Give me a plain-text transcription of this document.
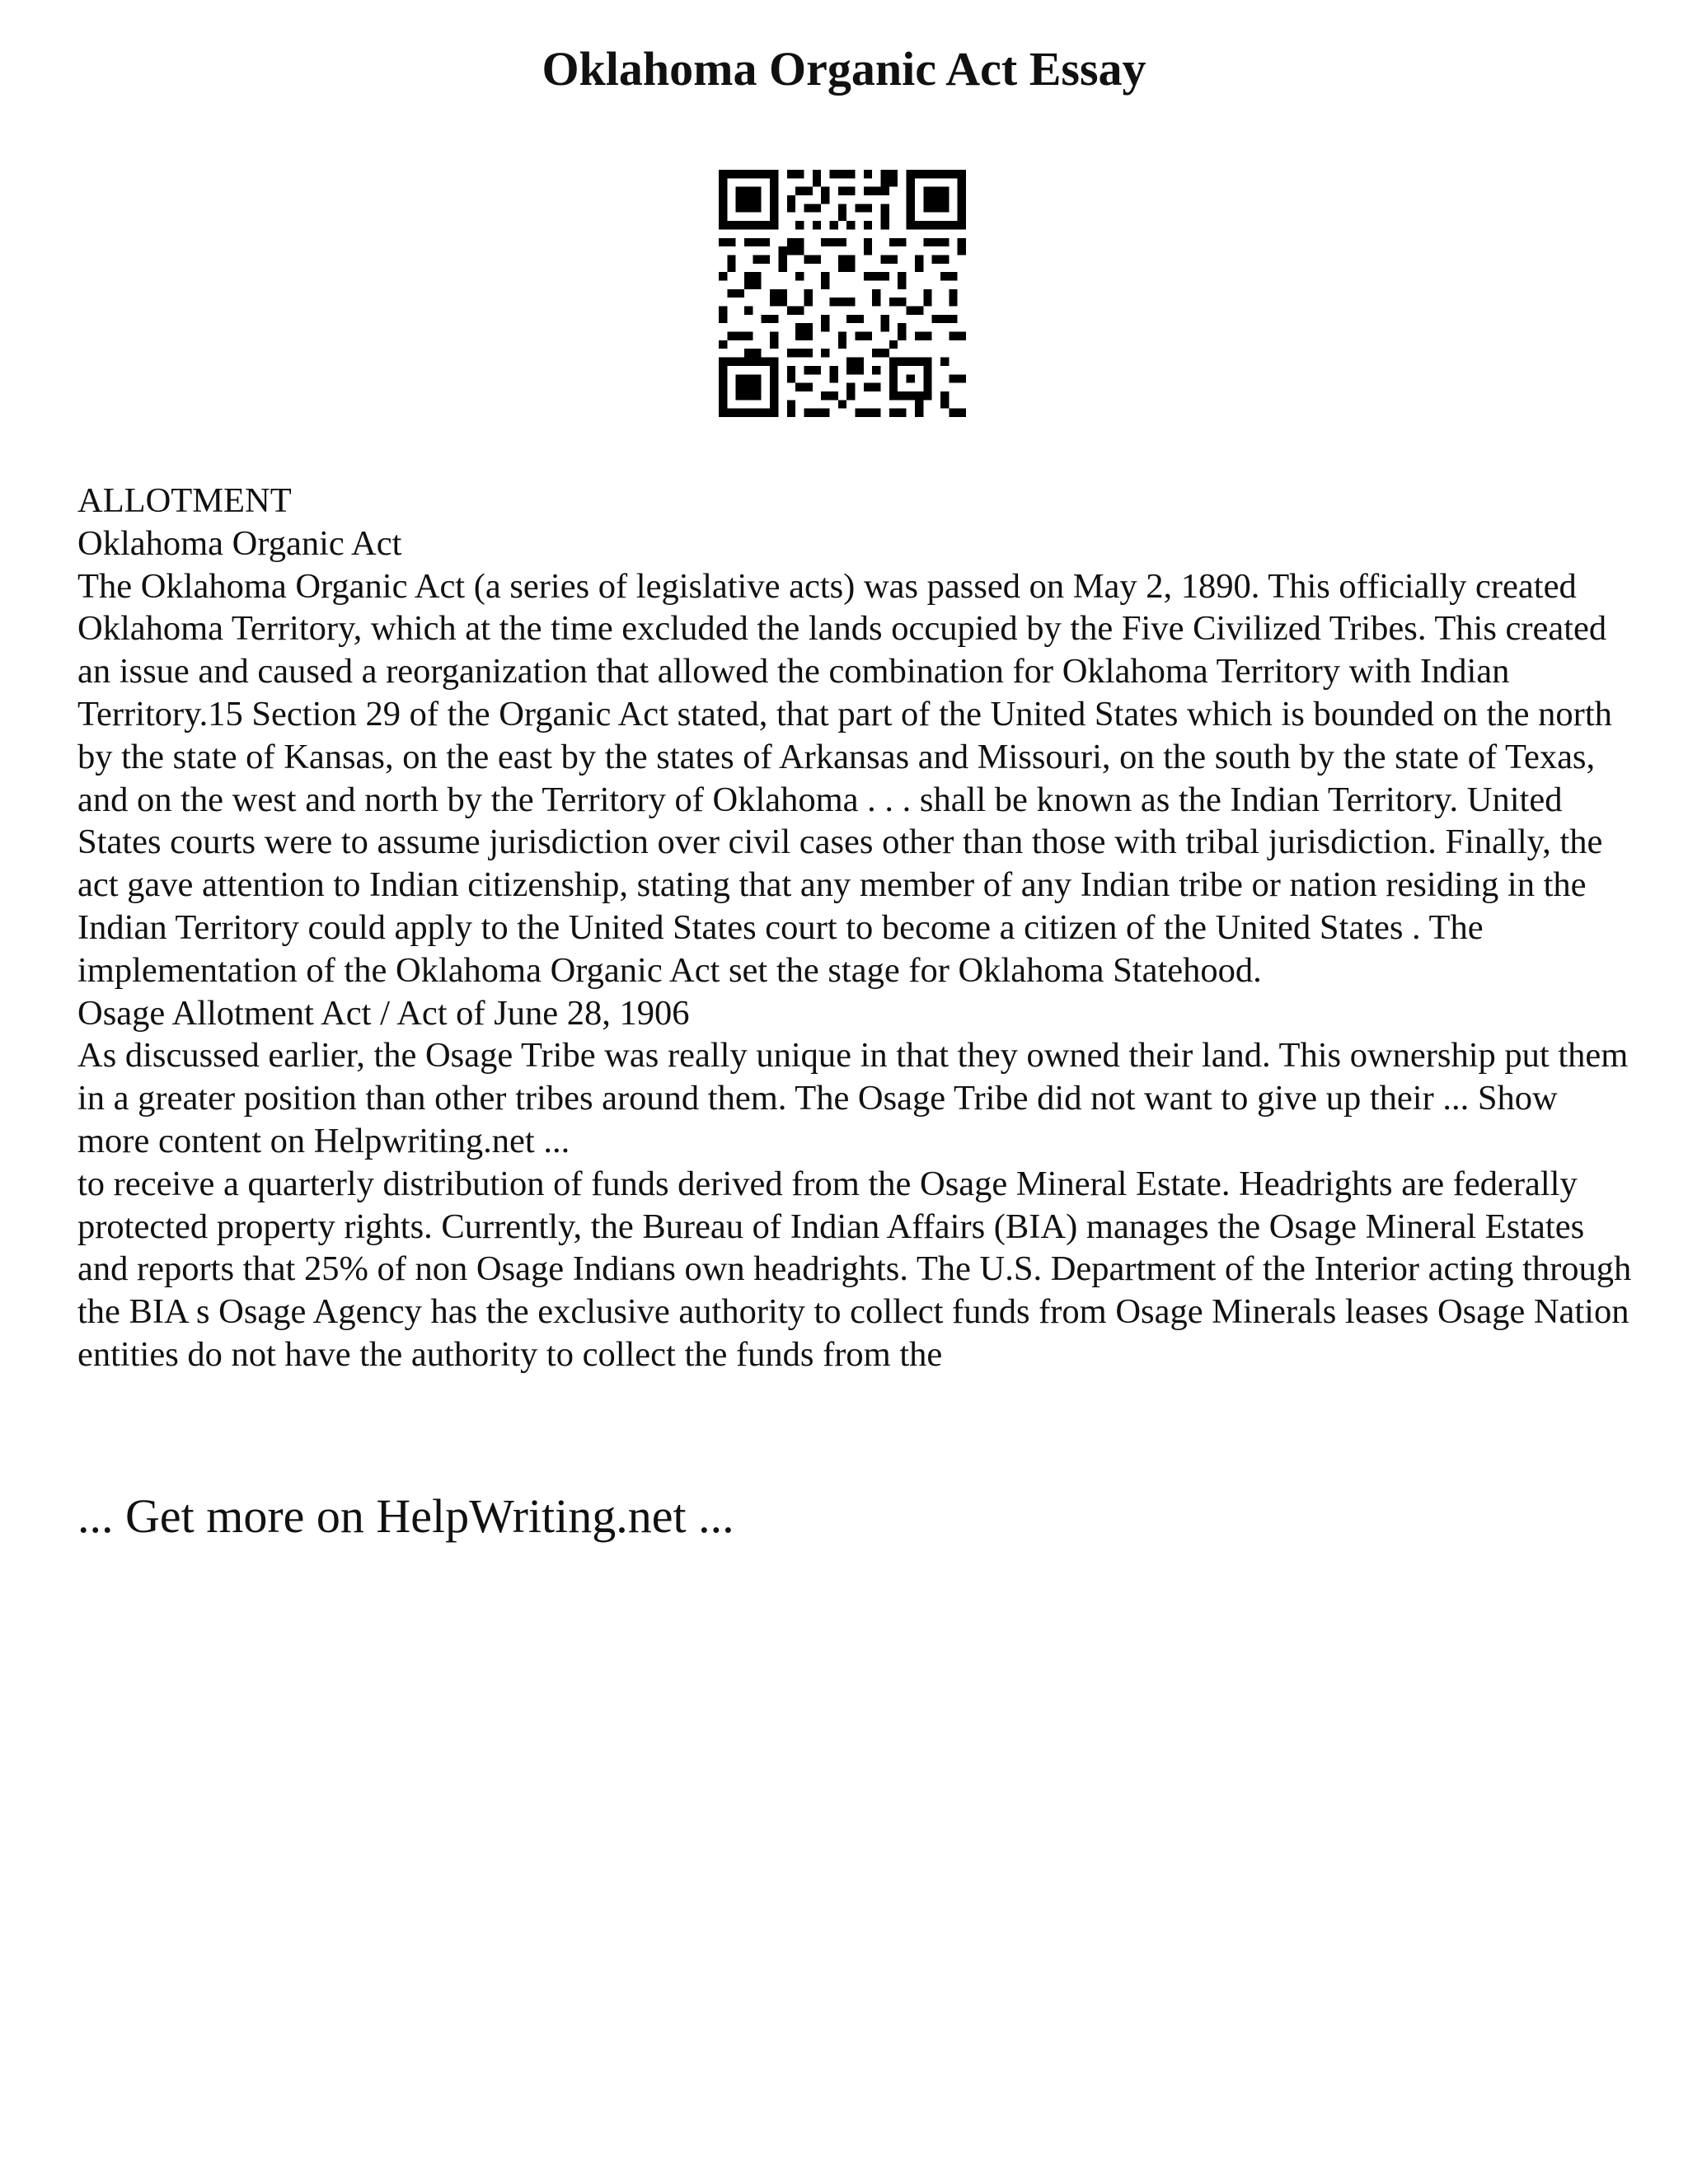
Oklahoma Organic Act Essay

ALLOTMENT

Oklahoma Organic Act

The Oklahoma Organic Act (a series of legislative acts) was passed on May 2, 1890. This officially created Oklahoma Territory, which at the time excluded the lands occupied by the Five Civilized Tribes. This created an issue and caused a reorganization that allowed the combination for Oklahoma Territory with Indian Territory.15 Section 29 of the Organic Act stated, that part of the United States which is bounded on the north by the state of Kansas, on the east by the states of Arkansas and Missouri, on the south by the state of Texas, and on the west and north by the Territory of Oklahoma . . . shall be known as the Indian Territory. United States courts were to assume jurisdiction over civil cases other than those with tribal jurisdiction. Finally, the act gave attention to Indian citizenship, stating that any member of any Indian tribe or nation residing in the Indian Territory could apply to the United States court to become a citizen of the United States . The implementation of the Oklahoma Organic Act set the stage for Oklahoma Statehood.

Osage Allotment Act / Act of June 28, 1906

As discussed earlier, the Osage Tribe was really unique in that they owned their land. This ownership put them in a greater position than other tribes around them. The Osage Tribe did not want to give up their ... Show more content on Helpwriting.net ...

to receive a quarterly distribution of funds derived from the Osage Mineral Estate. Headrights are federally protected property rights. Currently, the Bureau of Indian Affairs (BIA) manages the Osage Mineral Estates and reports that 25% of non Osage Indians own headrights. The U.S. Department of the Interior acting through the BIA s Osage Agency has the exclusive authority to collect funds from Osage Minerals leases Osage Nation entities do not have the authority to collect the funds from the

... Get more on HelpWriting.net ...
